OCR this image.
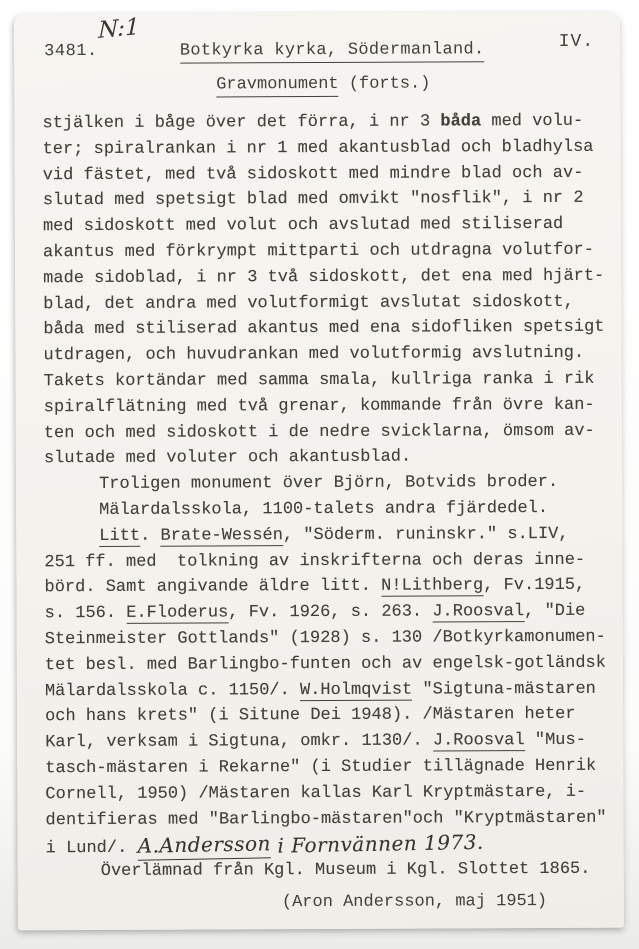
N:1
3481.	Botkyrka kyrka, Södermanland.	IV.
Gravmonument (forts.)
stjälken i båge över det förra, i nr 3 båda med volu-
ter; spiralrankan i nr 1 med akantusblad och bladhylsa
vid fästet, med två sidoskott med mindre blad och av-
slutad med spetsigt blad med omvikt "nosflik", i nr 2
med sidoskott med volut och avslutad med stiliserad
akantus med förkrympt mittparti och utdragna volutfor-
made sidoblad, i nr 3 två sidoskott, det ena med hjärt-
blad, det andra med volutformigt avslutat sidoskott,
båda med stiliserad akantus med ena sidofliken spetsigt
utdragen, och huvudrankan med volutformig avslutning.
Takets kortändar med samma smala, kullriga ranka i rik
spiralflätning med två grenar, kommande från övre kan-
ten och med sidoskott i de nedre svicklarna, ömsom av-
slutade med voluter och akantusblad.
Troligen monument över Björn, Botvids broder.
Mälardalsskola, 1100-talets andra fjärdedel.
Litt. Brate-Wessén, "Söderm. runinskr." s.LIV,
251 ff. med  tolkning av inskrifterna och deras inne-
börd. Samt angivande äldre litt. N!Lithberg, Fv.1915,
s. 156. E.Floderus, Fv. 1926, s. 263. J.Roosval, "Die
Steinmeister Gottlands" (1928) s. 130 /Botkyrkamonumen-
tet besl. med Barlingbo-funten och av engelsk-gotländsk
Mälardalsskola c. 1150/. W.Holmqvist "Sigtuna-mästaren
och hans krets" (i Situne Dei 1948). /Mästaren heter
Karl, verksam i Sigtuna, omkr. 1130/. J.Roosval "Mus-
tasch-mästaren i Rekarne" (i Studier tillägnade Henrik
Cornell, 1950) /Mästaren kallas Karl Kryptmästare, i-
dentifieras med "Barlingbo-mästaren"och "Kryptmästaren"
i Lund/. A.Andersson i Fornvännen 1973.
Överlämnad från Kgl. Museum i Kgl. Slottet 1865.
(Aron Andersson, maj 1951)
